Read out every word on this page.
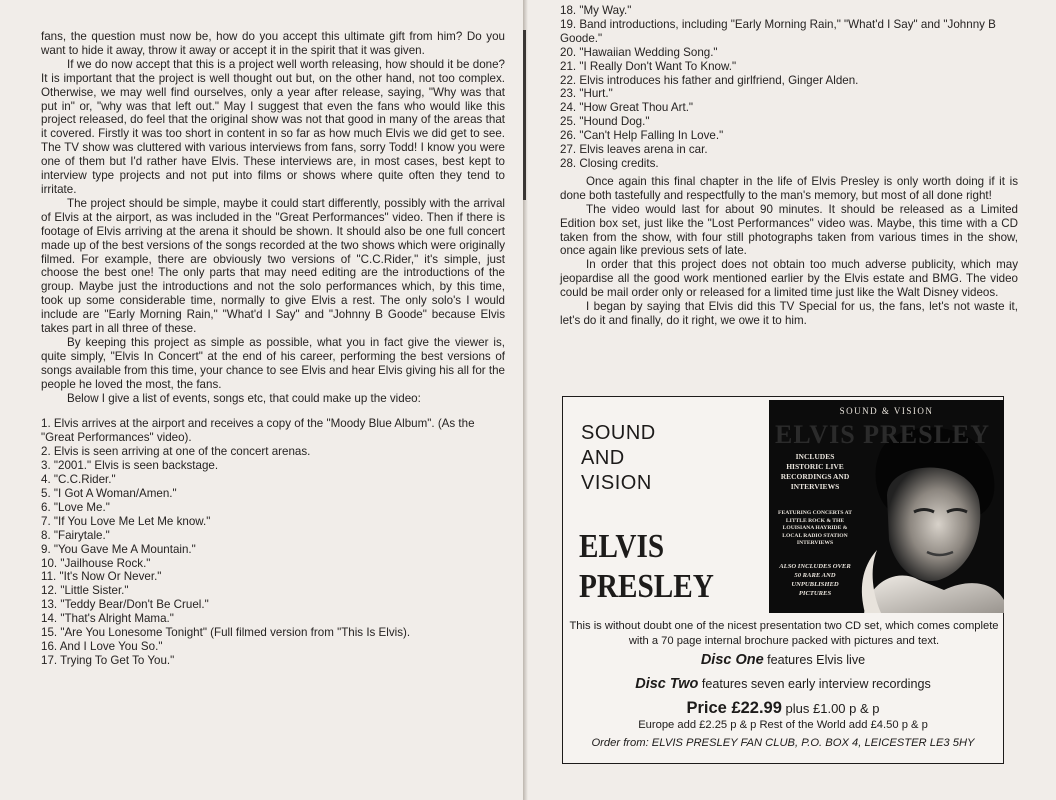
fans, the question must now be, how do you accept this ultimate gift from him? Do you want to hide it away, throw it away or accept it in the spirit that it was given.

If we do now accept that this is a project well worth releasing, how should it be done? It is important that the project is well thought out but, on the other hand, not too complex. Otherwise, we may well find ourselves, only a year after release, saying, "Why was that put in" or, "why was that left out." May I suggest that even the fans who would like this project released, do feel that the original show was not that good in many of the areas that it covered. Firstly it was too short in content in so far as how much Elvis we did get to see. The TV show was cluttered with various interviews from fans, sorry Todd! I know you were one of them but I'd rather have Elvis. These interviews are, in most cases, best kept to interview type projects and not put into films or shows where quite often they tend to irritate.

The project should be simple, maybe it could start differently, possibly with the arrival of Elvis at the airport, as was included in the "Great Performances" video. Then if there is footage of Elvis arriving at the arena it should be shown. It should also be one full concert made up of the best versions of the songs recorded at the two shows which were originally filmed. For example, there are obviously two versions of "C.C.Rider," it's simple, just choose the best one! The only parts that may need editing are the introductions of the group. Maybe just the introductions and not the solo performances which, by this time, took up some considerable time, normally to give Elvis a rest. The only solo's I would include are "Early Morning Rain," "What'd I Say" and "Johnny B Goode" because Elvis takes part in all three of these.

By keeping this project as simple as possible, what you in fact give the viewer is, quite simply, "Elvis In Concert" at the end of his career, performing the best versions of songs available from this time, your chance to see Elvis and hear Elvis giving his all for the people he loved the most, the fans.

Below I give a list of events, songs etc, that could make up the video:

1. Elvis arrives at the airport and receives a copy of the "Moody Blue Album". (As the "Great Performances" video).
2. Elvis is seen arriving at one of the concert arenas.
3. "2001." Elvis is seen backstage.
4. "C.C.Rider."
5. "I Got A Woman/Amen."
6. "Love Me."
7. "If You Love Me Let Me know."
8. "Fairytale."
9. "You Gave Me A Mountain."
10. "Jailhouse Rock."
11. "It's Now Or Never."
12. "Little Sister."
13. "Teddy Bear/Don't Be Cruel."
14. "That's Alright Mama."
15. "Are You Lonesome Tonight" (Full filmed version from "This Is Elvis).
16. And I Love You So."
17. Trying To Get To You."
18. "My Way."
19. Band introductions, including "Early Morning Rain," "What'd I Say" and "Johnny B Goode."
20. "Hawaiian Wedding Song."
21. "I Really Don't Want To Know."
22. Elvis introduces his father and girlfriend, Ginger Alden.
23. "Hurt."
24. "How Great Thou Art."
25. "Hound Dog."
26. "Can't Help Falling In Love."
27. Elvis leaves arena in car.
28. Closing credits.

Once again this final chapter in the life of Elvis Presley is only worth doing if it is done both tastefully and respectfully to the man's memory, but most of all done right!

The video would last for about 90 minutes. It should be released as a Limited Edition box set, just like the "Lost Performances" video was. Maybe, this time with a CD taken from the show, with four still photographs taken from various times in the show, once again like previous sets of late.

In order that this project does not obtain too much adverse publicity, which may jeopardise all the good work mentioned earlier by the Elvis estate and BMG. The video could be mail order only or released for a limited time just like the Walt Disney videos.

I began by saying that Elvis did this TV Special for us, the fans, let's not waste it, let's do it and finally, do it right, we owe it to him.

SOUND
AND
VISION
ELVIS
PRESLEY
SOUND & VISION
ELVIS PRESLEY
INCLUDES HISTORIC LIVE RECORDINGS AND INTERVIEWS
FEATURING CONCERTS AT LITTLE ROCK & THE LOUISIANA HAYRIDE & LOCAL RADIO STATION INTERVIEWS
ALSO INCLUDES OVER 50 RARE AND UNPUBLISHED PICTURES
This is without doubt one of the nicest presentation two CD set, which comes complete with a 70 page internal brochure packed with pictures and text.
Disc One features Elvis live
Disc Two features seven early interview recordings
Price £22.99 plus £1.00 p & p
Europe add £2.25 p & p Rest of the World add £4.50 p & p
Order from: ELVIS PRESLEY FAN CLUB, P.O. BOX 4, LEICESTER LE3 5HY
